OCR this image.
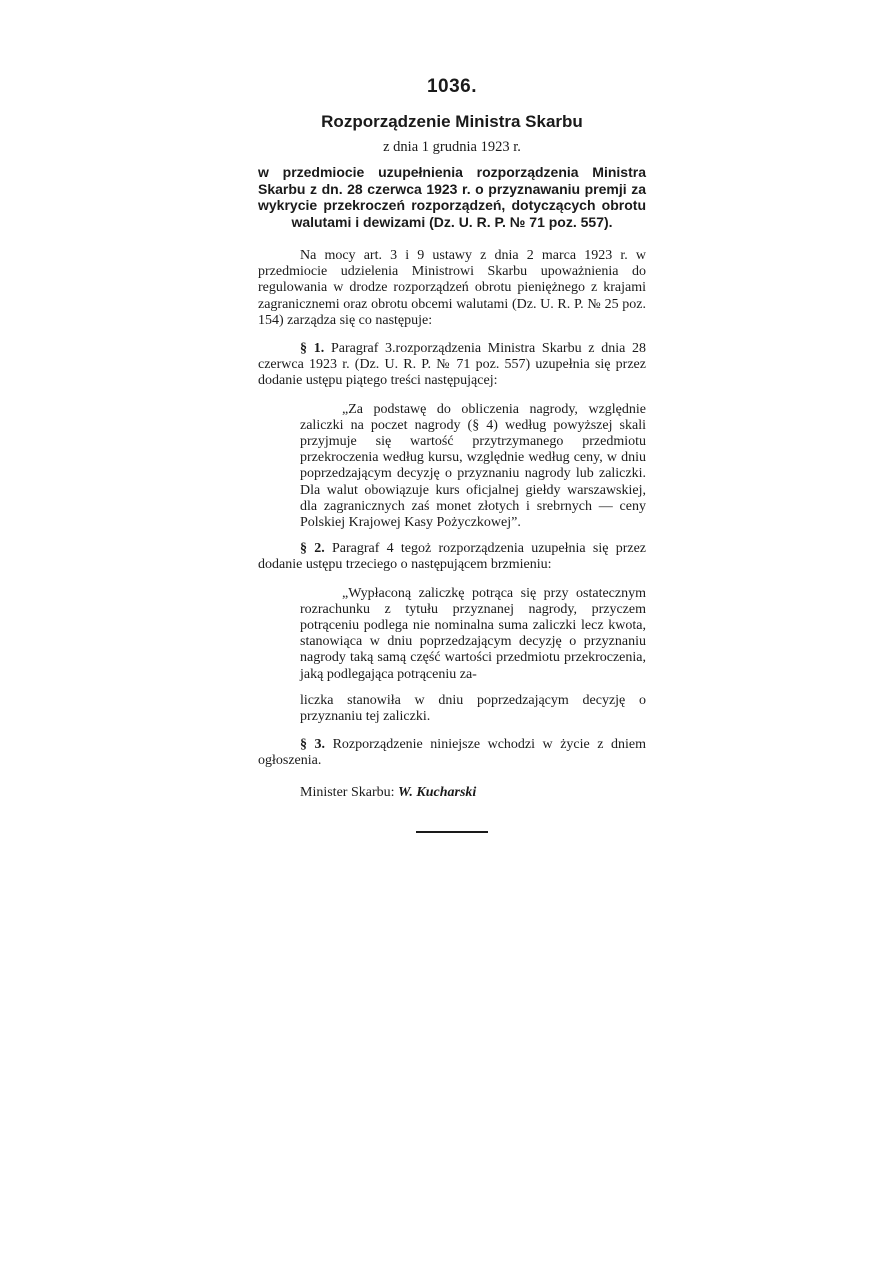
1036.
Rozporządzenie Ministra Skarbu
z dnia 1 grudnia 1923 r.
w przedmiocie uzupełnienia rozporządzenia Ministra Skarbu z dn. 28 czerwca 1923 r. o przyznawaniu premji za wykrycie przekroczeń rozporządzeń, dotyczących obrotu walutami i dewizami (Dz. U. R. P. № 71 poz. 557).

Na mocy art. 3 i 9 ustawy z dnia 2 marca 1923 r. w przedmiocie udzielenia Ministrowi Skarbu upoważnienia do regulowania w drodze rozporządzeń obrotu pieniężnego z krajami zagranicznemi oraz obrotu obcemi walutami (Dz. U. R. P. № 25 poz. 154) zarządza się co następuje:

§ 1. Paragraf 3.rozporządzenia Ministra Skarbu z dnia 28 czerwca 1923 r. (Dz. U. R. P. № 71 poz. 557) uzupełnia się przez dodanie ustępu piątego treści następującej:

„Za podstawę do obliczenia nagrody, względnie zaliczki na poczet nagrody (§ 4) według powyższej skali przyjmuje się wartość przytrzymanego przedmiotu przekroczenia według kursu, względnie według ceny, w dniu poprzedzającym decyzję o przyznaniu nagrody lub zaliczki. Dla walut obowiązuje kurs oficjalnej giełdy warszawskiej, dla zagranicznych zaś monet złotych i srebrnych — ceny Polskiej Krajowej Kasy Pożyczkowej”.

§ 2. Paragraf 4 tegoż rozporządzenia uzupełnia się przez dodanie ustępu trzeciego o następującem brzmieniu:

„Wypłaconą zaliczkę potrąca się przy ostatecznym rozrachunku z tytułu przyznanej nagrody, przyczem potrąceniu podlega nie nominalna suma zaliczki lecz kwota, stanowiąca w dniu poprzedzającym decyzję o przyznaniu nagrody taką samą część wartości przedmiotu przekroczenia, jaką podlegająca potrąceniu za-

liczka stanowiła w dniu poprzedzającym decyzję o przyznaniu tej zaliczki.

§ 3. Rozporządzenie niniejsze wchodzi w życie z dniem ogłoszenia.

Minister Skarbu: W. Kucharski
